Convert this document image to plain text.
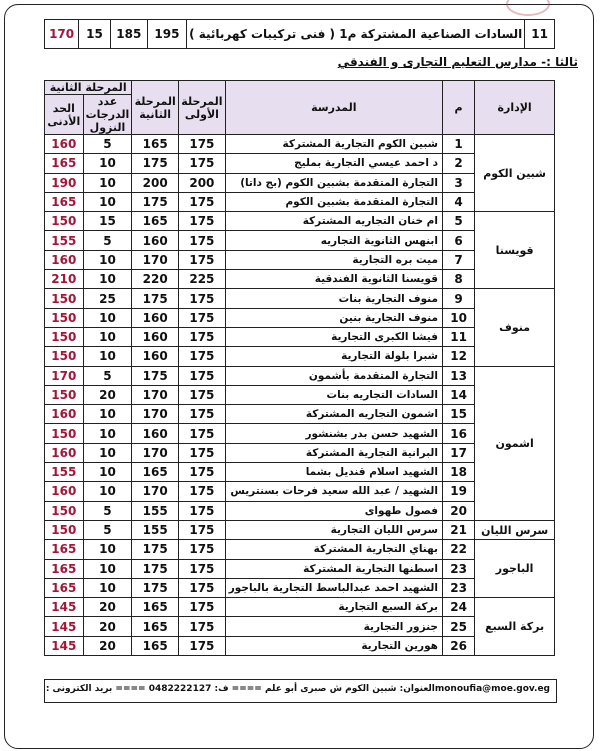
11	السادات الصناعية المشتركة م1 ( فنى تركيبات كهربائية )	195	185	15	170
ثالثا :- مدارس التعليم التجارى و الفندقي
الإدارة	م	المدرسة	المرحلة الأولى	المرحلة الثانية	المرحلة الثانية	
					عدد الدرجات النزول	الحد الأدنى
شبين الكوم	1	شبين الكوم التجارية المشتركة	175	165	5	160
	2	د احمد عيسي التجارية بمليج	175	175	10	165
	3	التجارة المتقدمة بشبين الكوم (بج داتا)	200	200	10	190
	4	التجارة المتقدمة بشبين الكوم	175	175	10	165
قويسنا	5	ام خنان التجاريه المشتركة	175	165	15	150
	6	ابنهس الثانوية التجاريه	175	160	5	155
	7	ميت بره التجارية	175	170	10	160
	8	قويسنا الثانوية الفندقية	225	220	10	210
منوف	9	منوف التجارية بنات	175	175	25	150
	10	منوف التجارية بنين	175	160	10	150
	11	فيشا الكبرى التجارية	175	160	10	150
	12	شبرا بلولة التجارية	175	160	10	150
اشمون	13	التجارة المتقدمة بأشمون	175	175	5	170
	14	السادات التجاريه بنات	175	170	20	150
	15	اشمون التجاريه المشتركة	175	170	10	160
	16	الشهيد حسن بدر بشنشور	175	160	10	150
	17	البرانية التجارية المشتركة	175	170	10	160
	18	الشهيد اسلام قنديل بشما	175	165	10	155
	19	الشهيد / عبد الله سعيد فرحات بسنتريس	175	170	10	160
	20	فصول طهواى	175	155	5	150
سرس الليان	21	سرس الليان التجارية	175	155	5	150
الباجور	22	بهناي التجارية المشتركة	175	175	10	165
	23	اسطنها التجارية المشتركة	175	175	10	165
	23	الشهيد احمد عبدالباسط التجارية بالباجور	175	175	10	165
بركة السبع	24	بركة السبع التجارية	175	165	20	145
	25	جنزور التجارية	175	165	20	145
	26	هورين التجارية	175	165	20	145
monoufia@moe.gov.egالعنوان: شبين الكوم ش صبرى أبو علم ==== ف: 0482222127 ==== بريد الكترونى :
